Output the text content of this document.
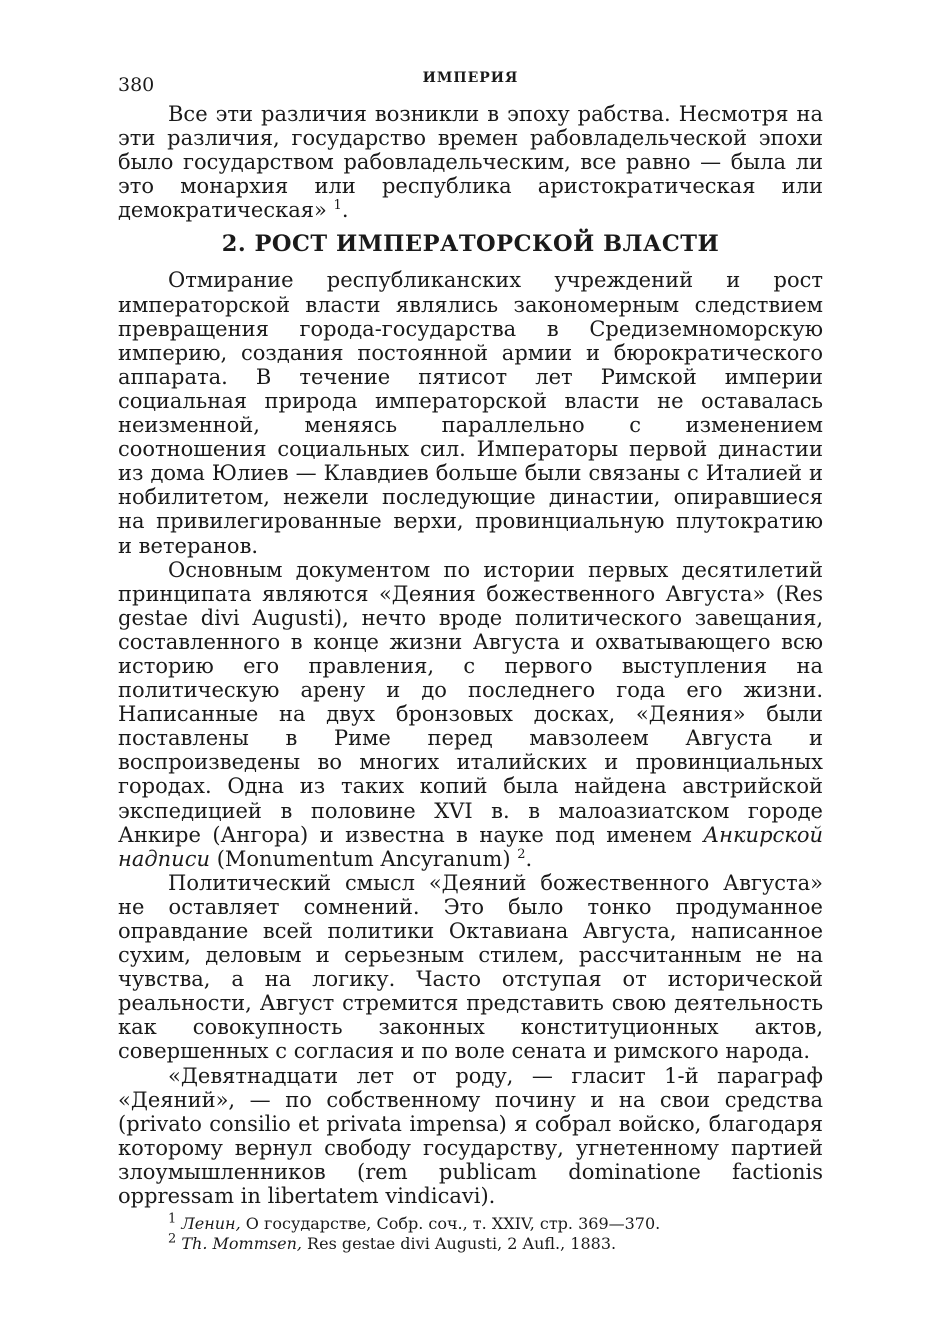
380	ИМПЕРИЯ

Все эти различия возникли в эпоху рабства. Несмотря на эти различия, государство времен рабовладельческой эпохи было государством рабовладельческим, все равно — была ли это монархия или республика аристократическая или демократическая» $^1$.

2. РОСТ ИМПЕРАТОРСКОЙ ВЛАСТИ

Отмирание республиканских учреждений и рост императорской власти являлись закономерным следствием превращения города-государства в Средиземноморскую империю, создания постоянной армии и бюрократического аппарата. В течение пятисот лет Римской империи социальная природа императорской власти не оставалась неизменной, меняясь параллельно с изменением соотношения социальных сил. Императоры первой династии из дома Юлиев — Клавдиев больше были связаны с Италией и нобилитетом, нежели последующие династии, опиравшиеся на привилегированные верхи, провинциальную плутократию и ветеранов.

Основным документом по истории первых десятилетий принципата являются «Деяния божественного Августа» (Res gestae divi Augusti), нечто вроде политического завещания, составленного в конце жизни Августа и охватывающего всю историю его правления, с первого выступления на политическую арену и до последнего года его жизни. Написанные на двух бронзовых досках, «Деяния» были поставлены в Риме перед мавзолеем Августа и воспроизведены во многих италийских и провинциальных городах. Одна из таких копий была найдена австрийской экспедицией в половине XVI в. в малоазиатском городе Анкире (Ангора) и известна в науке под именем Анкирской надписи (Monumentum Ancyranum) $^2$.

Политический смысл «Деяний божественного Августа» не оставляет сомнений. Это было тонко продуманное оправдание всей политики Октавиана Августа, написанное сухим, деловым и серьезным стилем, рассчитанным не на чувства, а на логику. Часто отступая от исторической реальности, Август стремится представить свою деятельность как совокупность законных конституционных актов, совершенных с согласия и по воле сената и римского народа.

«Девятнадцати лет от роду, — гласит 1-й параграф «Деяний», — по собственному почину и на свои средства (privato consilio et privata impensa) я собрал войско, благодаря которому вернул свободу государству, угнетенному партией злоумышленников (rem publicam dominatione factionis oppressam in libertatem vindicavi).

$^1$ Ленин, О государстве, Собр. соч., т. XXIV, стр. 369—370.

$^2$ Th. Mommsen, Res gestae divi Augusti, 2 Aufl., 1883.
